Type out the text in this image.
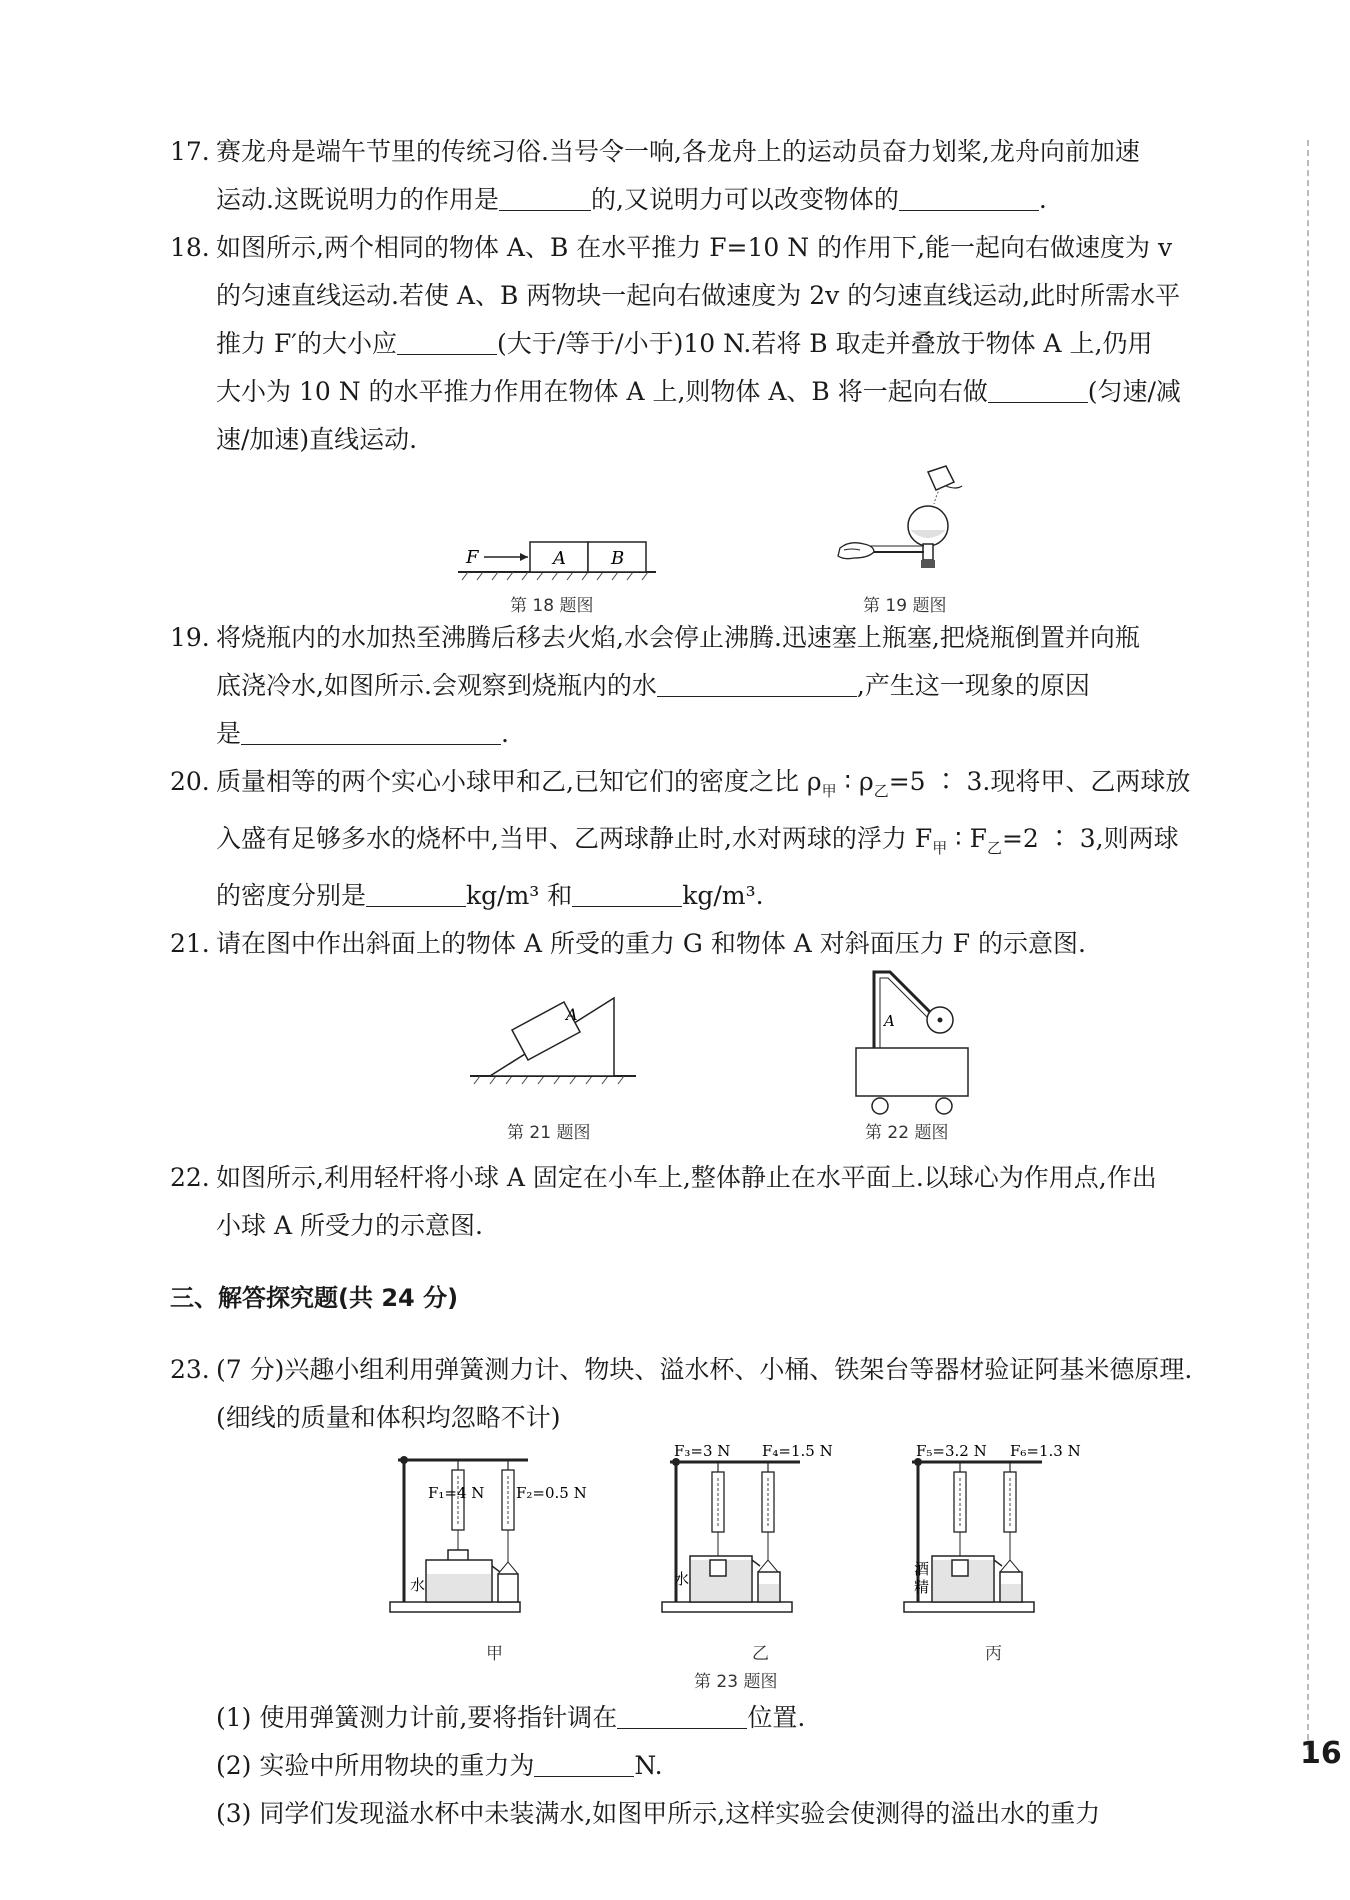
17. 赛龙舟是端午节里的传统习俗.当号令一响,各龙舟上的运动员奋力划桨,龙舟向前加速

运动.这既说明力的作用是	的,又说明力可以改变物体的	.

18. 如图所示,两个相同的物体 A、B 在水平推力 F=10 N 的作用下,能一起向右做速度为 v

的匀速直线运动.若使 A、B 两物块一起向右做速度为 2v 的匀速直线运动,此时所需水平

推力 F′的大小应	(大于/等于/小于)10 N.若将 B 取走并叠放于物体 A 上,仍用

大小为 10 N 的水平推力作用在物体 A 上,则物体 A、B 将一起向右做	(匀速/减

速/加速)直线运动.

F	A	B
第 18 题图	第 19 题图

19. 将烧瓶内的水加热至沸腾后移去火焰,水会停止沸腾.迅速塞上瓶塞,把烧瓶倒置并向瓶

底浇冷水,如图所示.会观察到烧瓶内的水	,产生这一现象的原因

是	.

20. 质量相等的两个实心小球甲和乙,已知它们的密度之比 $\rho_甲$ ∶ $\rho_乙=5$ ∶ 3.现将甲、乙两球放

入盛有足够多水的烧杯中,当甲、乙两球静止时,水对两球的浮力 $F_甲$ ∶ $F_乙=2$ ∶ 3,则两球

的密度分别是	kg/m³ 和	kg/m³.

21. 请在图中作出斜面上的物体 A 所受的重力 G 和物体 A 对斜面压力 F 的示意图.

A
第 21 题图
A
第 22 题图

22. 如图所示,利用轻杆将小球 A 固定在小车上,整体静止在水平面上.以球心为作用点,作出

小球 A 所受力的示意图.

三、解答探究题(共 24 分)

23. (7 分)兴趣小组利用弹簧测力计、物块、溢水杯、小桶、铁架台等器材验证阿基米德原理.

(细线的质量和体积均忽略不计)

F₁=4 N F₂=0.5 N
水
甲
F₃=3 N F₄=1.5 N
水
乙
F₅=3.2 N F₆=1.3 N
酒
精
丙
第 23 题图

(1) 使用弹簧测力计前,要将指针调在	位置.

(2) 实验中所用物块的重力为	N.

(3) 同学们发现溢水杯中未装满水,如图甲所示,这样实验会使测得的溢出水的重力

16
